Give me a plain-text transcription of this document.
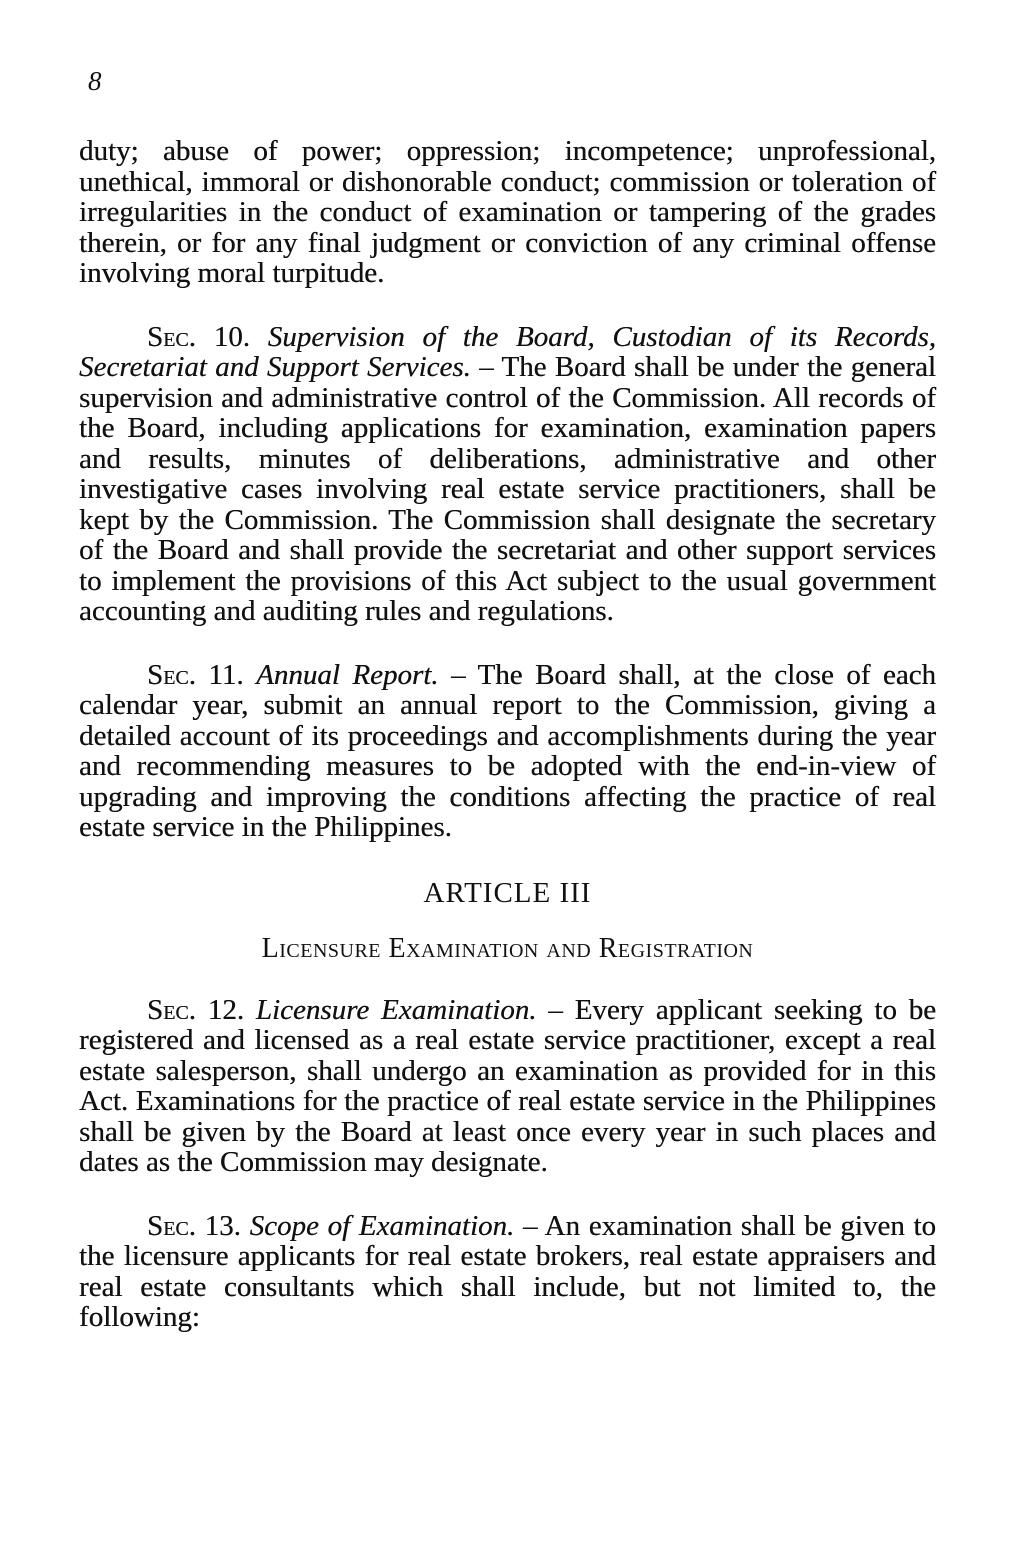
8

duty; abuse of power; oppression; incompetence; unprofessional, unethical, immoral or dishonorable conduct; commission or toleration of irregularities in the conduct of examination or tampering of the grades therein, or for any final judgment or conviction of any criminal offense involving moral turpitude.

Sec. 10. Supervision of the Board, Custodian of its Records, Secretariat and Support Services. – The Board shall be under the general supervision and administrative control of the Commission. All records of the Board, including applications for examination, examination papers and results, minutes of deliberations, administrative and other investigative cases involving real estate service practitioners, shall be kept by the Commission. The Commission shall designate the secretary of the Board and shall provide the secretariat and other support services to implement the provisions of this Act subject to the usual government accounting and auditing rules and regulations.

Sec. 11. Annual Report. – The Board shall, at the close of each calendar year, submit an annual report to the Commission, giving a detailed account of its proceedings and accomplishments during the year and recommending measures to be adopted with the end-in-view of upgrading and improving the conditions affecting the practice of real estate service in the Philippines.

ARTICLE III

Licensure Examination and Registration

Sec. 12. Licensure Examination. – Every applicant seeking to be registered and licensed as a real estate service practitioner, except a real estate salesperson, shall undergo an examination as provided for in this Act. Examinations for the practice of real estate service in the Philippines shall be given by the Board at least once every year in such places and dates as the Commission may designate.

Sec. 13. Scope of Examination. – An examination shall be given to the licensure applicants for real estate brokers, real estate appraisers and real estate consultants which shall include, but not limited to, the following:
